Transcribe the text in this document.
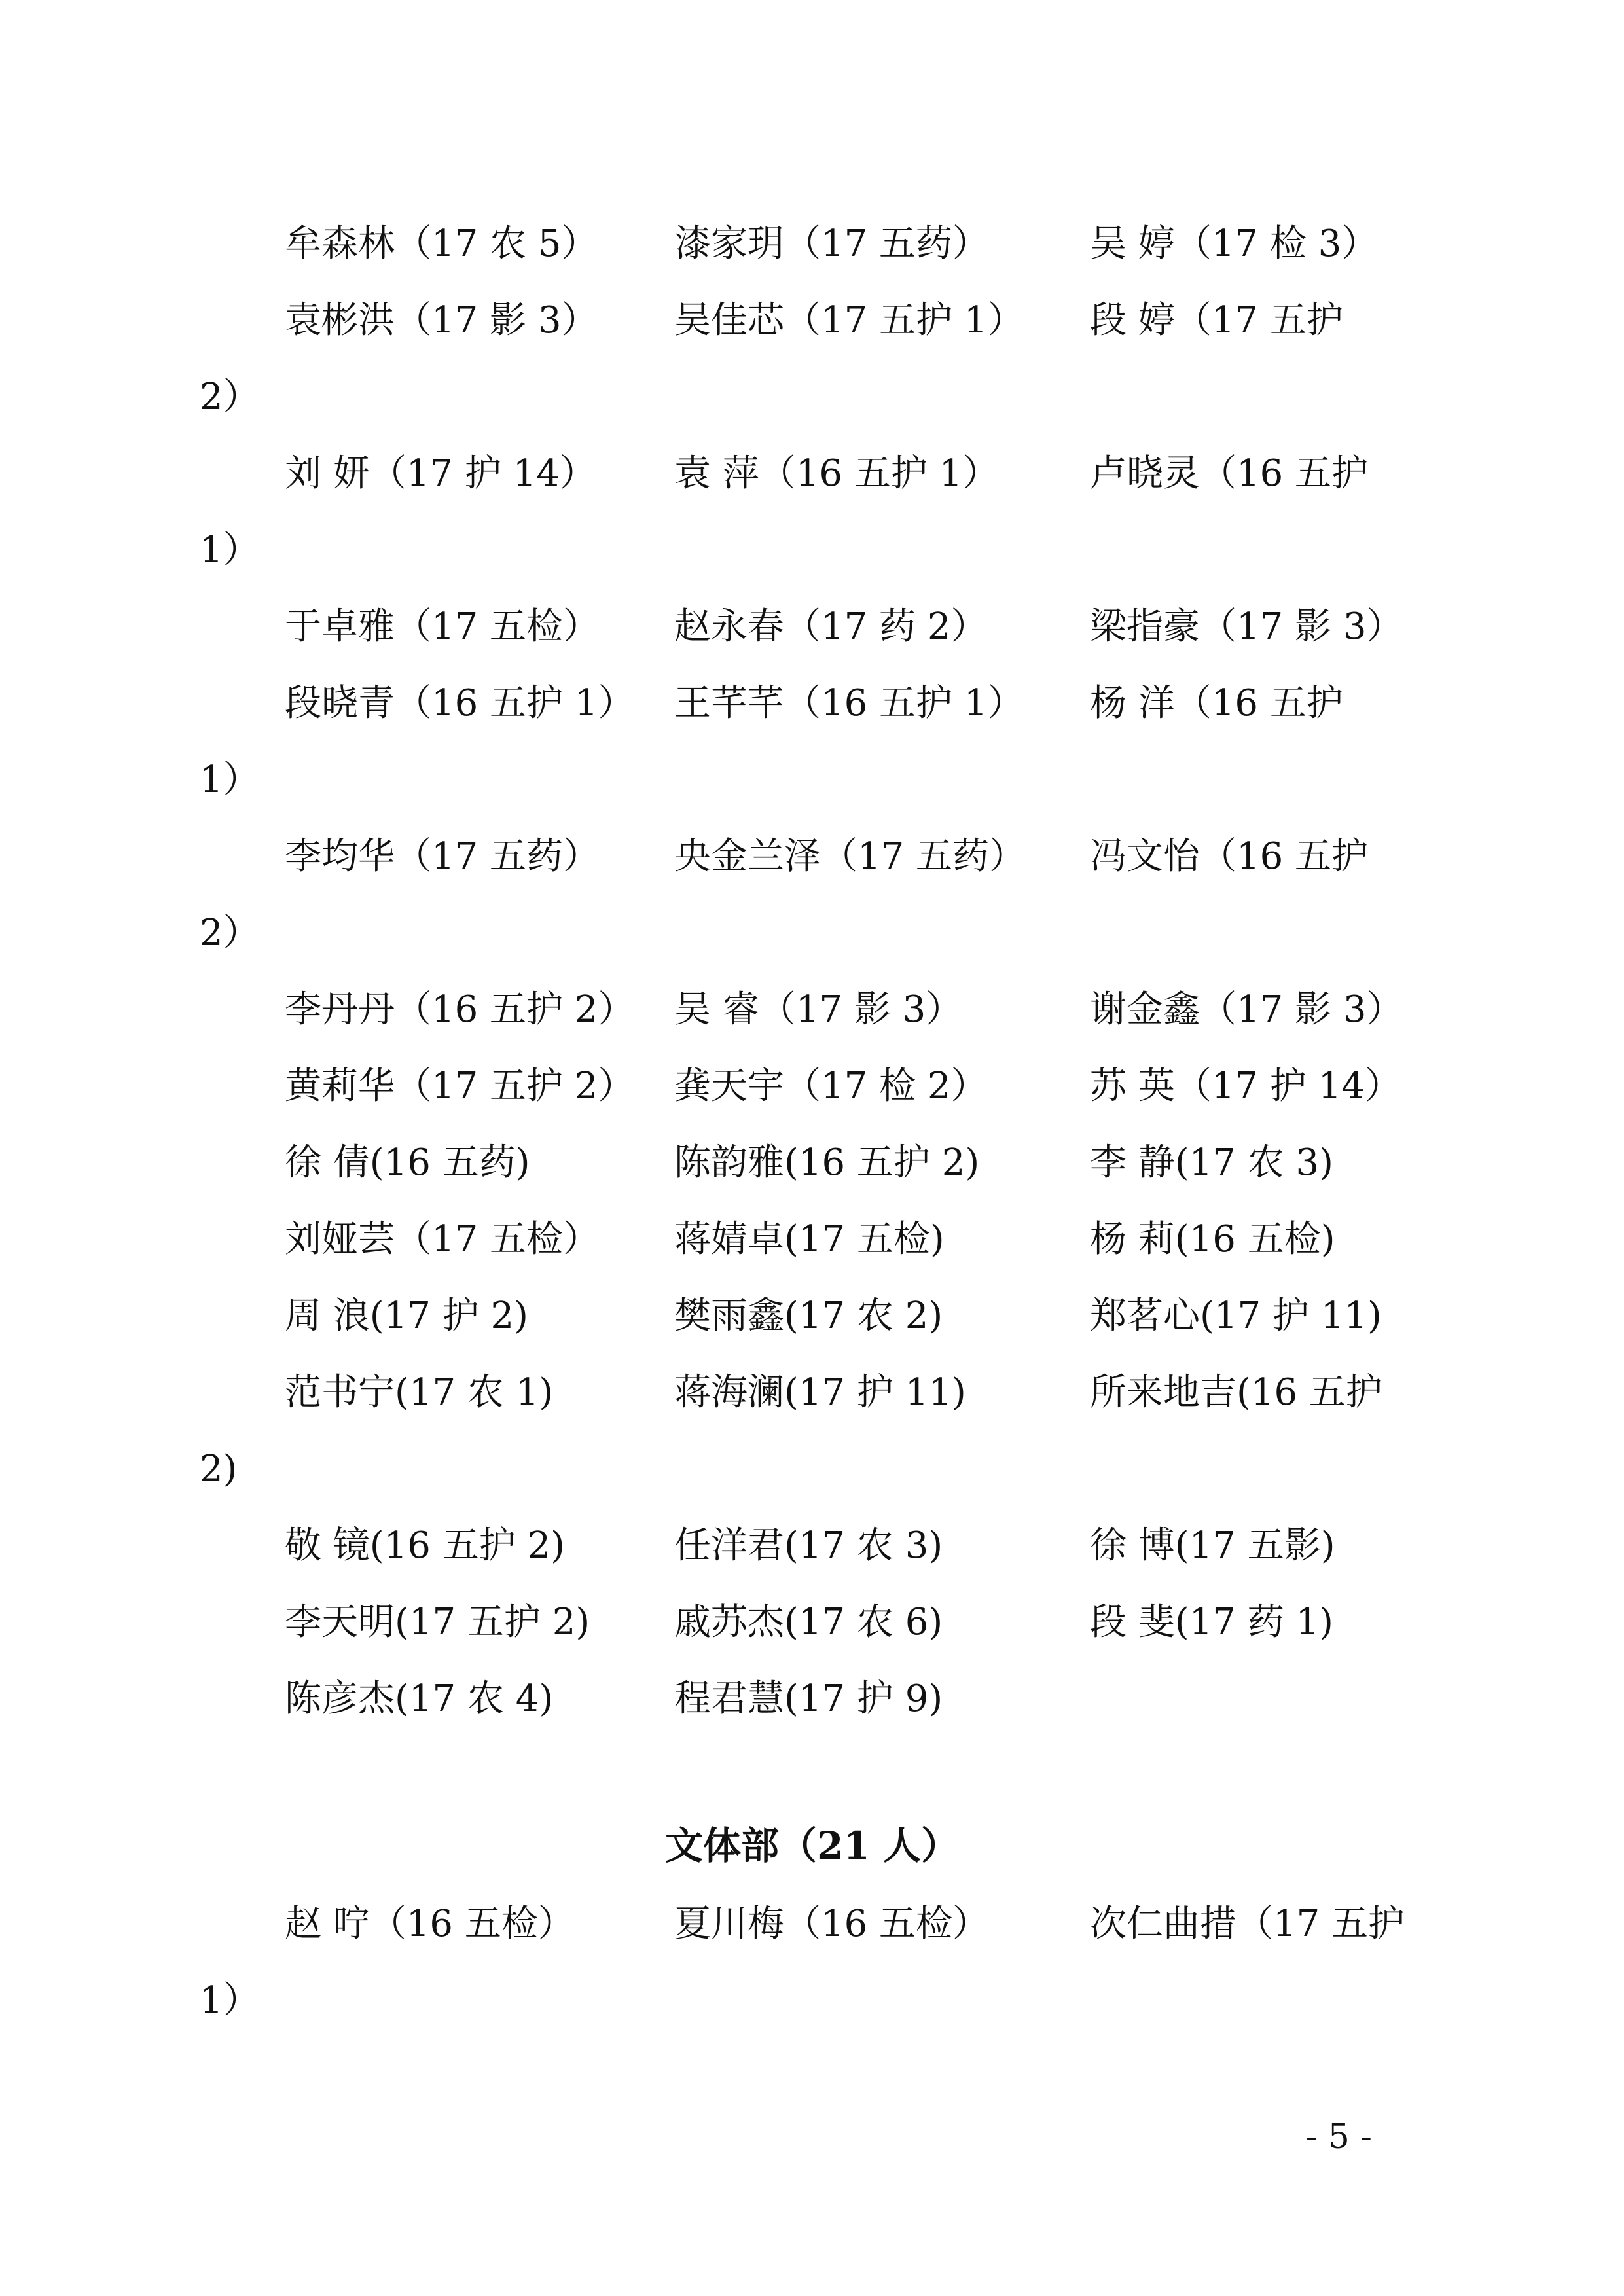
牟森林（17 农 5） 漆家玥（17 五药）	吴 婷（17 检 3）
袁彬洪（17 影 3） 吴佳芯（17 五护 1） 段 婷（17 五护
2）
刘 妍（17 护 14） 袁 萍（16 五护 1） 卢晓灵（16 五护
1）
于卓雅（17 五检） 赵永春（17 药 2）	梁指豪（17 影 3）
段晓青（16 五护 1） 王芊芊（16 五护 1） 杨 洋（16 五护
1）
李均华（17 五药） 央金兰泽（17 五药） 冯文怡（16 五护
2）
李丹丹（16 五护 2） 吴 睿（17 影 3）	谢金鑫（17 影 3）
黄莉华（17 五护 2） 龚天宇（17 检 2）	苏 英（17 护 14）
徐 倩(16 五药)	陈韵雅(16 五护 2)	李 静(17 农 3)
刘娅芸（17 五检） 蒋婧卓(17 五检)	杨 莉(16 五检)
周 浪(17 护 2)	樊雨鑫(17 农 2)	郑茗心(17 护 11)
范书宁(17 农 1)	蒋海澜(17 护 11)	所来地吉(16 五护
2)
敬 镜(16 五护 2)	任洋君(17 农 3)	徐 博(17 五影)
李天明(17 五护 2) 戚苏杰(17 农 6)	段 斐(17 药 1)
陈彦杰(17 农 4)	程君慧(17 护 9)
文体部（21 人）
赵 咛（16 五检）	夏川梅（16 五检）	次仁曲措（17 五护
1）
- 5 -
